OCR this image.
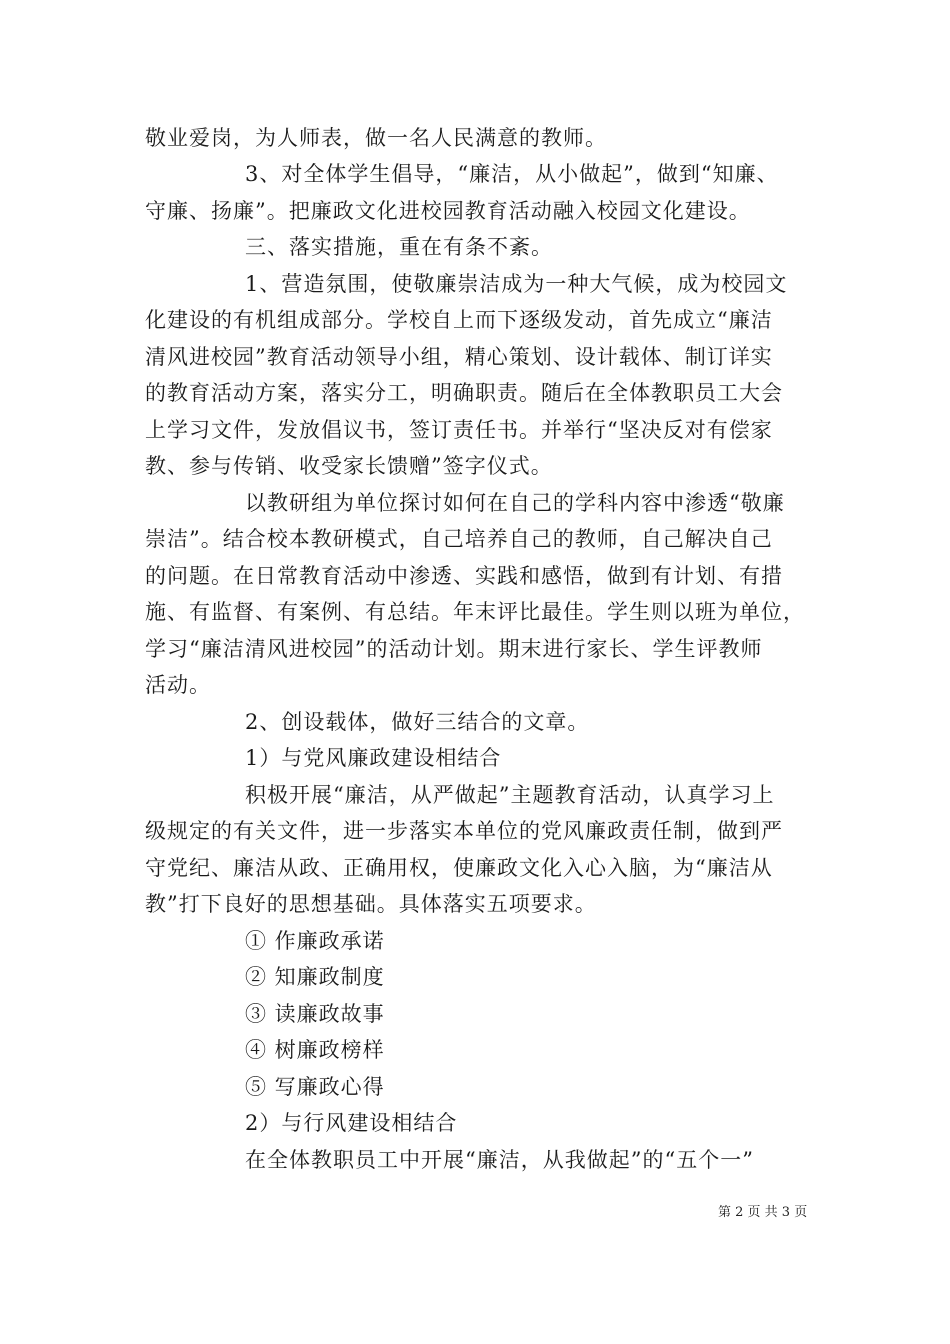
敬业爱岗，为人师表，做一名人民满意的教师。
3、对全体学生倡导，“廉洁，从小做起”，做到“知廉、
守廉、扬廉”。把廉政文化进校园教育活动融入校园文化建设。
三、落实措施，重在有条不紊。
1、营造氛围，使敬廉崇洁成为一种大气候，成为校园文
化建设的有机组成部分。学校自上而下逐级发动，首先成立“廉洁
清风进校园”教育活动领导小组，精心策划、设计载体、制订详实
的教育活动方案，落实分工，明确职责。随后在全体教职员工大会
上学习文件，发放倡议书，签订责任书。并举行“坚决反对有偿家
教、参与传销、收受家长馈赠”签字仪式。
以教研组为单位探讨如何在自己的学科内容中渗透“敬廉
崇洁”。结合校本教研模式，自己培养自己的教师，自己解决自己
的问题。在日常教育活动中渗透、实践和感悟，做到有计划、有措
施、有监督、有案例、有总结。年末评比最佳。学生则以班为单位，
学习“廉洁清风进校园”的活动计划。期末进行家长、学生评教师
活动。
2、创设载体，做好三结合的文章。
1）与党风廉政建设相结合
积极开展“廉洁，从严做起”主题教育活动，认真学习上
级规定的有关文件，进一步落实本单位的党风廉政责任制，做到严
守党纪、廉洁从政、正确用权，使廉政文化入心入脑，为“廉洁从
教”打下良好的思想基础。具体落实五项要求。
① 作廉政承诺
② 知廉政制度
③ 读廉政故事
④ 树廉政榜样
⑤ 写廉政心得
2）与行风建设相结合
在全体教职员工中开展“廉洁，从我做起”的“五个一”
第 2 页 共 3 页
